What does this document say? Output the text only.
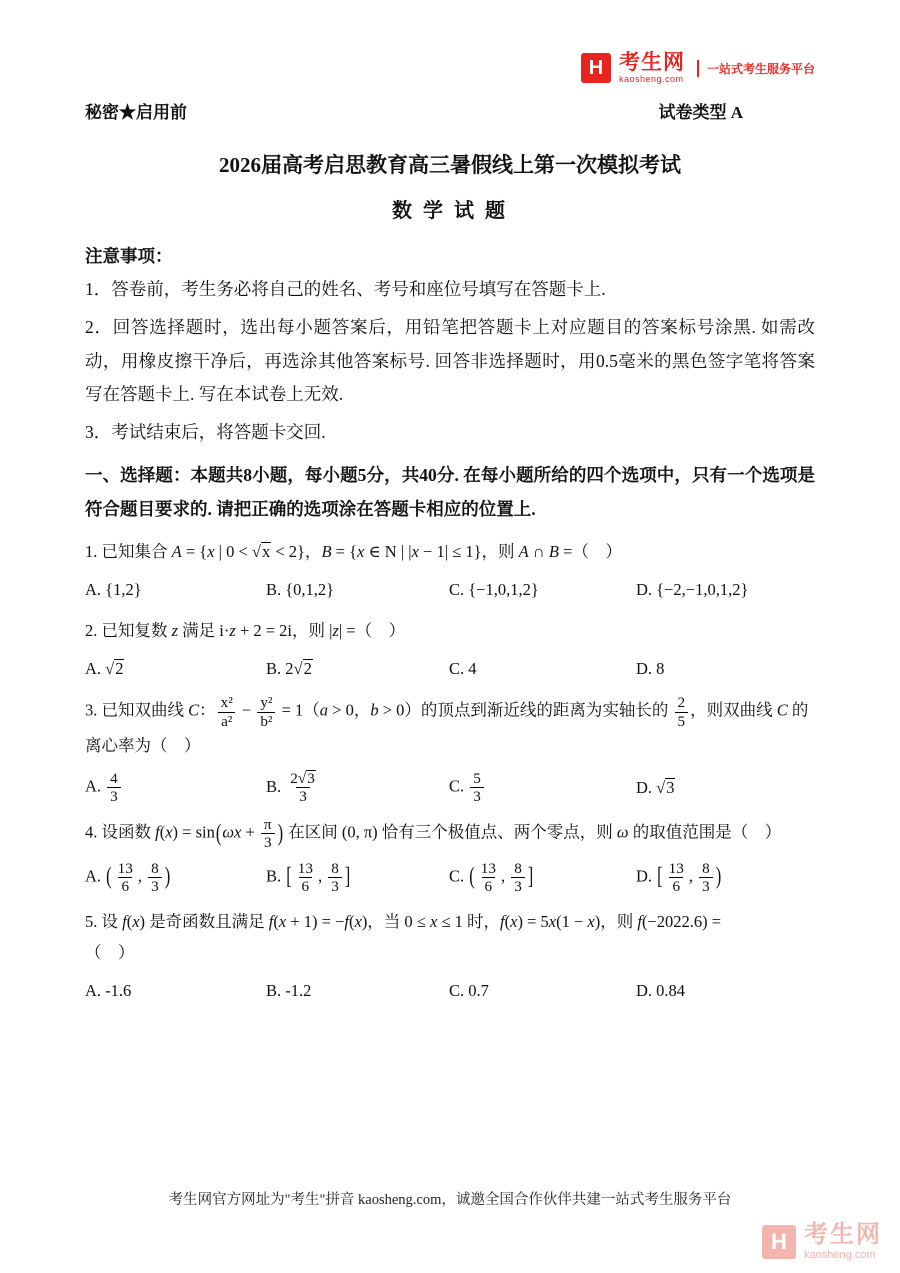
H 考生网
kaosheng.com
一站式考生服务平台
秘密★启用前	试卷类型 A
2026届高考启思教育高三暑假线上第一次模拟考试
数 学 试 题

注意事项：

1．答卷前，考生务必将自己的姓名、考号和座位号填写在答题卡上.

2．回答选择题时，选出每小题答案后，用铅笔把答题卡上对应题目的答案标号涂黑. 如需改动，用橡皮擦干净后，再选涂其他答案标号. 回答非选择题时，用0.5毫米的黑色签字笔将答案写在答题卡上. 写在本试卷上无效.

3．考试结束后，将答题卡交回.

一、选择题：本题共8小题，每小题5分，共40分. 在每小题所给的四个选项中，只有一个选项是符合题目要求的. 请把正确的选项涂在答题卡相应的位置上.

1. 已知集合 A = {x | 0 < √x < 2}，B = {x ∈ N | |x − 1| ≤ 1}，则 A ∩ B =（　）

A. {1,2}	B. {0,1,2}	C. {−1,0,1,2}	D. {−2,−1,0,1,2}

2. 已知复数 z 满足 i·z + 2 = 2i，则 |z| =（　）

A. √2	B. 2√2	C. 4	D. 8

3. 已知双曲线 C： $\frac{\text{x²}}{\text{a²}} - \frac{\text{y²}}{\text{b²}} = 1(a > 0$，b > 0）的顶点到渐近线的距离为实轴长的 $\frac{2}{5}$ ，则双曲线 C 的离心率为（　）

A. $\frac{4}{3}$	B. $\frac{2√3}{3}$	C. $\frac{5}{3}$	D. √3

4. 设函数 $f(x) = \sin(\omega x + \frac{\pi}{3}$ ) 在区间 (0, π) 恰有三个极值点、两个零点，则 ω 的取值范围是（　）

A. ( $\frac{13}{6}$ , $\frac{8}{3}$ )	B. [ $\frac{13}{6}$ , $\frac{8}{3}$ ]	C. ( $\frac{13}{6}$ , $\frac{8}{3}$ ]	D. [ $\frac{13}{6}$ , $\frac{8}{3}$ )

5. 设 f(x) 是奇函数且满足 f(x + 1) = −f(x)，当 0 ≤ x ≤ 1 时，f(x) = 5x(1 − x)，则 f(−2022.6) =
（　）

A. -1.6	B. -1.2	C. 0.7	D. 0.84
考生网官方网址为"考生"拼音 kaosheng.com，诚邀全国合作伙伴共建一站式考生服务平台
H 考生网
kaosheng.com
